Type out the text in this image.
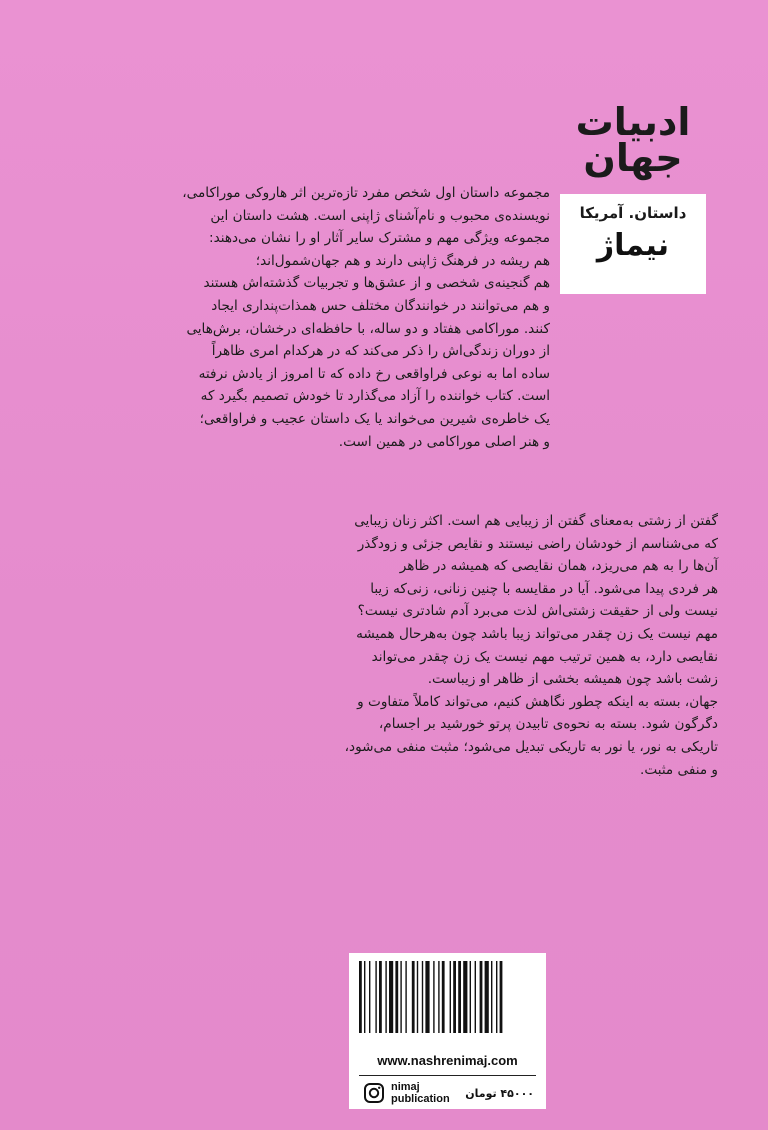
ادبیات
جهان
داستان. آمریکا
نیماژ
مجموعه داستان اول شخص مفرد تازه‌ترین اثر هاروکی موراکامی،
نویسنده‌ی محبوب و نام‌آشنای ژاپنی است. هشت داستان این
مجموعه ویژگی مهم و مشترک سایر آثار او را نشان می‌دهند:
هم ریشه در فرهنگ ژاپنی دارند و هم جهان‌شمول‌اند؛
هم گنجینه‌ی شخصی و از عشق‌ها و تجربیات گذشته‌اش هستند
و هم می‌توانند در خوانندگان مختلف حس همذات‌پنداری ایجاد
کنند. موراکامی هفتاد و دو ساله، با حافظه‌ای درخشان، برش‌هایی
از دوران زندگی‌اش را ذکر می‌کند که در هرکدام امری ظاهراً
ساده اما به نوعی فراواقعی رخ داده که تا امروز از یادش نرفته
است. کتاب خواننده را آزاد می‌گذارد تا خودش تصمیم بگیرد که
یک خاطره‌ی شیرین می‌خواند یا یک داستان عجیب و فراواقعی؛
و هنر اصلی موراکامی در همین است.
گفتن از زشتی به‌معنای گفتن از زیبایی هم است. اکثر زنان زیبایی
که می‌شناسم از خودشان راضی نیستند و نقایص جزئی و زودگذر
آن‌ها را به هم می‌ریزد، همان نقایصی که همیشه در ظاهر
هر فردی پیدا می‌شود. آیا در مقایسه با چنین زنانی، زنی‌که زیبا
نیست ولی از حقیقت زشتی‌اش لذت می‌برد آدم شادتری نیست؟
مهم نیست یک زن چقدر می‌تواند زیبا باشد چون به‌هرحال همیشه
نقایصی دارد، به همین ترتیب مهم نیست یک زن چقدر می‌تواند
زشت باشد چون همیشه بخشی از ظاهر او زیباست.
جهان، بسته به اینکه چطور نگاهش کنیم، می‌تواند کاملاً متفاوت و
دگرگون شود. بسته به نحوه‌ی تابیدن پرتو خورشید بر اجسام،
تاریکی به نور، یا نور به تاریکی تبدیل می‌شود؛ مثبت منفی می‌شود،
و منفی مثبت.
www.nashrenimaj.com
nimaj
publication ۴۵۰۰۰ تومان
